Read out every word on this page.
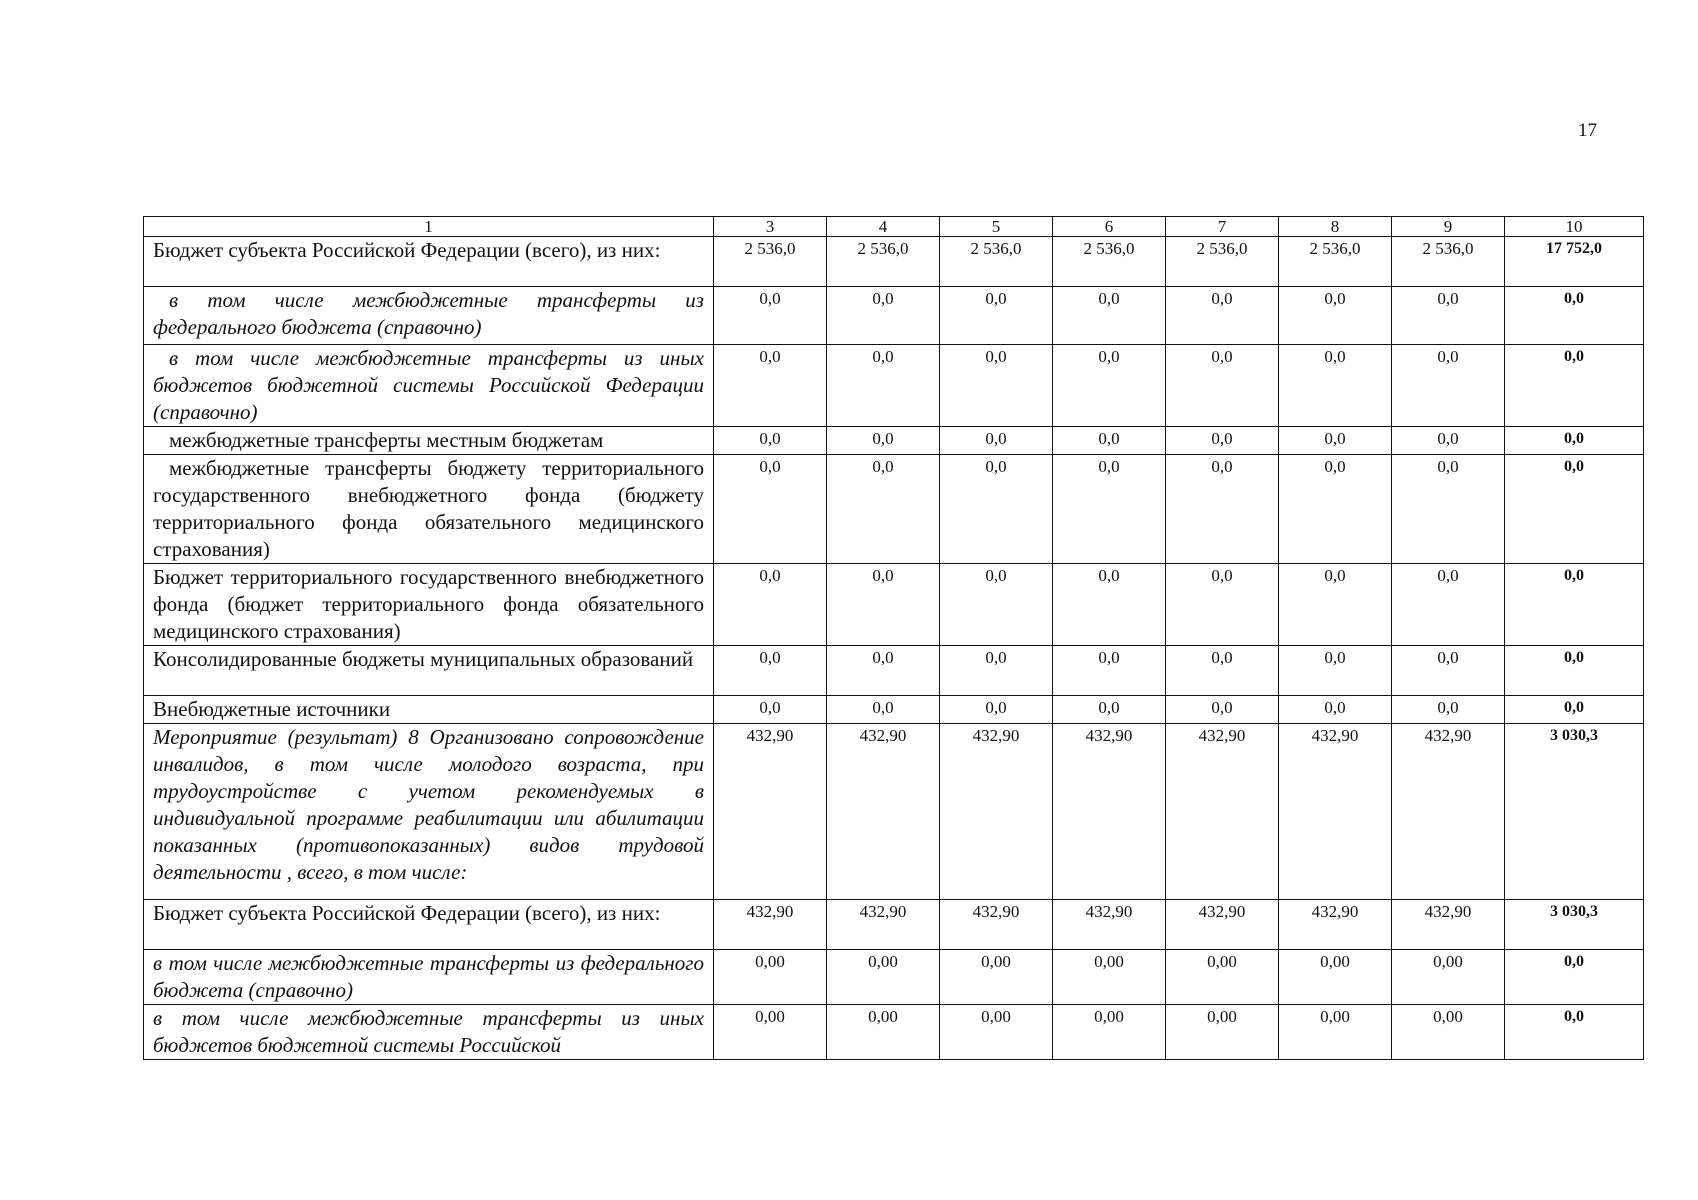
17
1	3	4	5	6	7	8	9	10
Бюджет субъекта Российской Федерации (всего), из них:	2 536,0	2 536,0	2 536,0	2 536,0	2 536,0	2 536,0	2 536,0	17 752,0
в том числе межбюджетные трансферты из федерального бюджета (справочно)	0,0	0,0	0,0	0,0	0,0	0,0	0,0	0,0
в том числе межбюджетные трансферты из иных бюджетов бюджетной системы Российской Федерации (справочно)	0,0	0,0	0,0	0,0	0,0	0,0	0,0	0,0
межбюджетные трансферты местным бюджетам	0,0	0,0	0,0	0,0	0,0	0,0	0,0	0,0
межбюджетные трансферты бюджету территориального государственного внебюджетного фонда (бюджету территориального фонда обязательного медицинского страхования)	0,0	0,0	0,0	0,0	0,0	0,0	0,0	0,0
Бюджет территориального государственного внебюджетного фонда (бюджет территориального фонда обязательного медицинского страхования)	0,0	0,0	0,0	0,0	0,0	0,0	0,0	0,0
Консолидированные бюджеты муниципальных образований	0,0	0,0	0,0	0,0	0,0	0,0	0,0	0,0
Внебюджетные источники	0,0	0,0	0,0	0,0	0,0	0,0	0,0	0,0
Мероприятие (результат) 8 Организовано сопровождение инвалидов, в том числе молодого возраста, при трудоустройстве с учетом рекомендуемых в индивидуальной программе реабилитации или абилитации показанных (противопоказанных) видов трудовой деятельности , всего, в том числе:	432,90	432,90	432,90	432,90	432,90	432,90	432,90	3 030,3
Бюджет субъекта Российской Федерации (всего), из них:	432,90	432,90	432,90	432,90	432,90	432,90	432,90	3 030,3
в том числе межбюджетные трансферты из федерального бюджета (справочно)	0,00	0,00	0,00	0,00	0,00	0,00	0,00	0,0
в том числе межбюджетные трансферты из иных бюджетов бюджетной системы Российской	0,00	0,00	0,00	0,00	0,00	0,00	0,00	0,0
